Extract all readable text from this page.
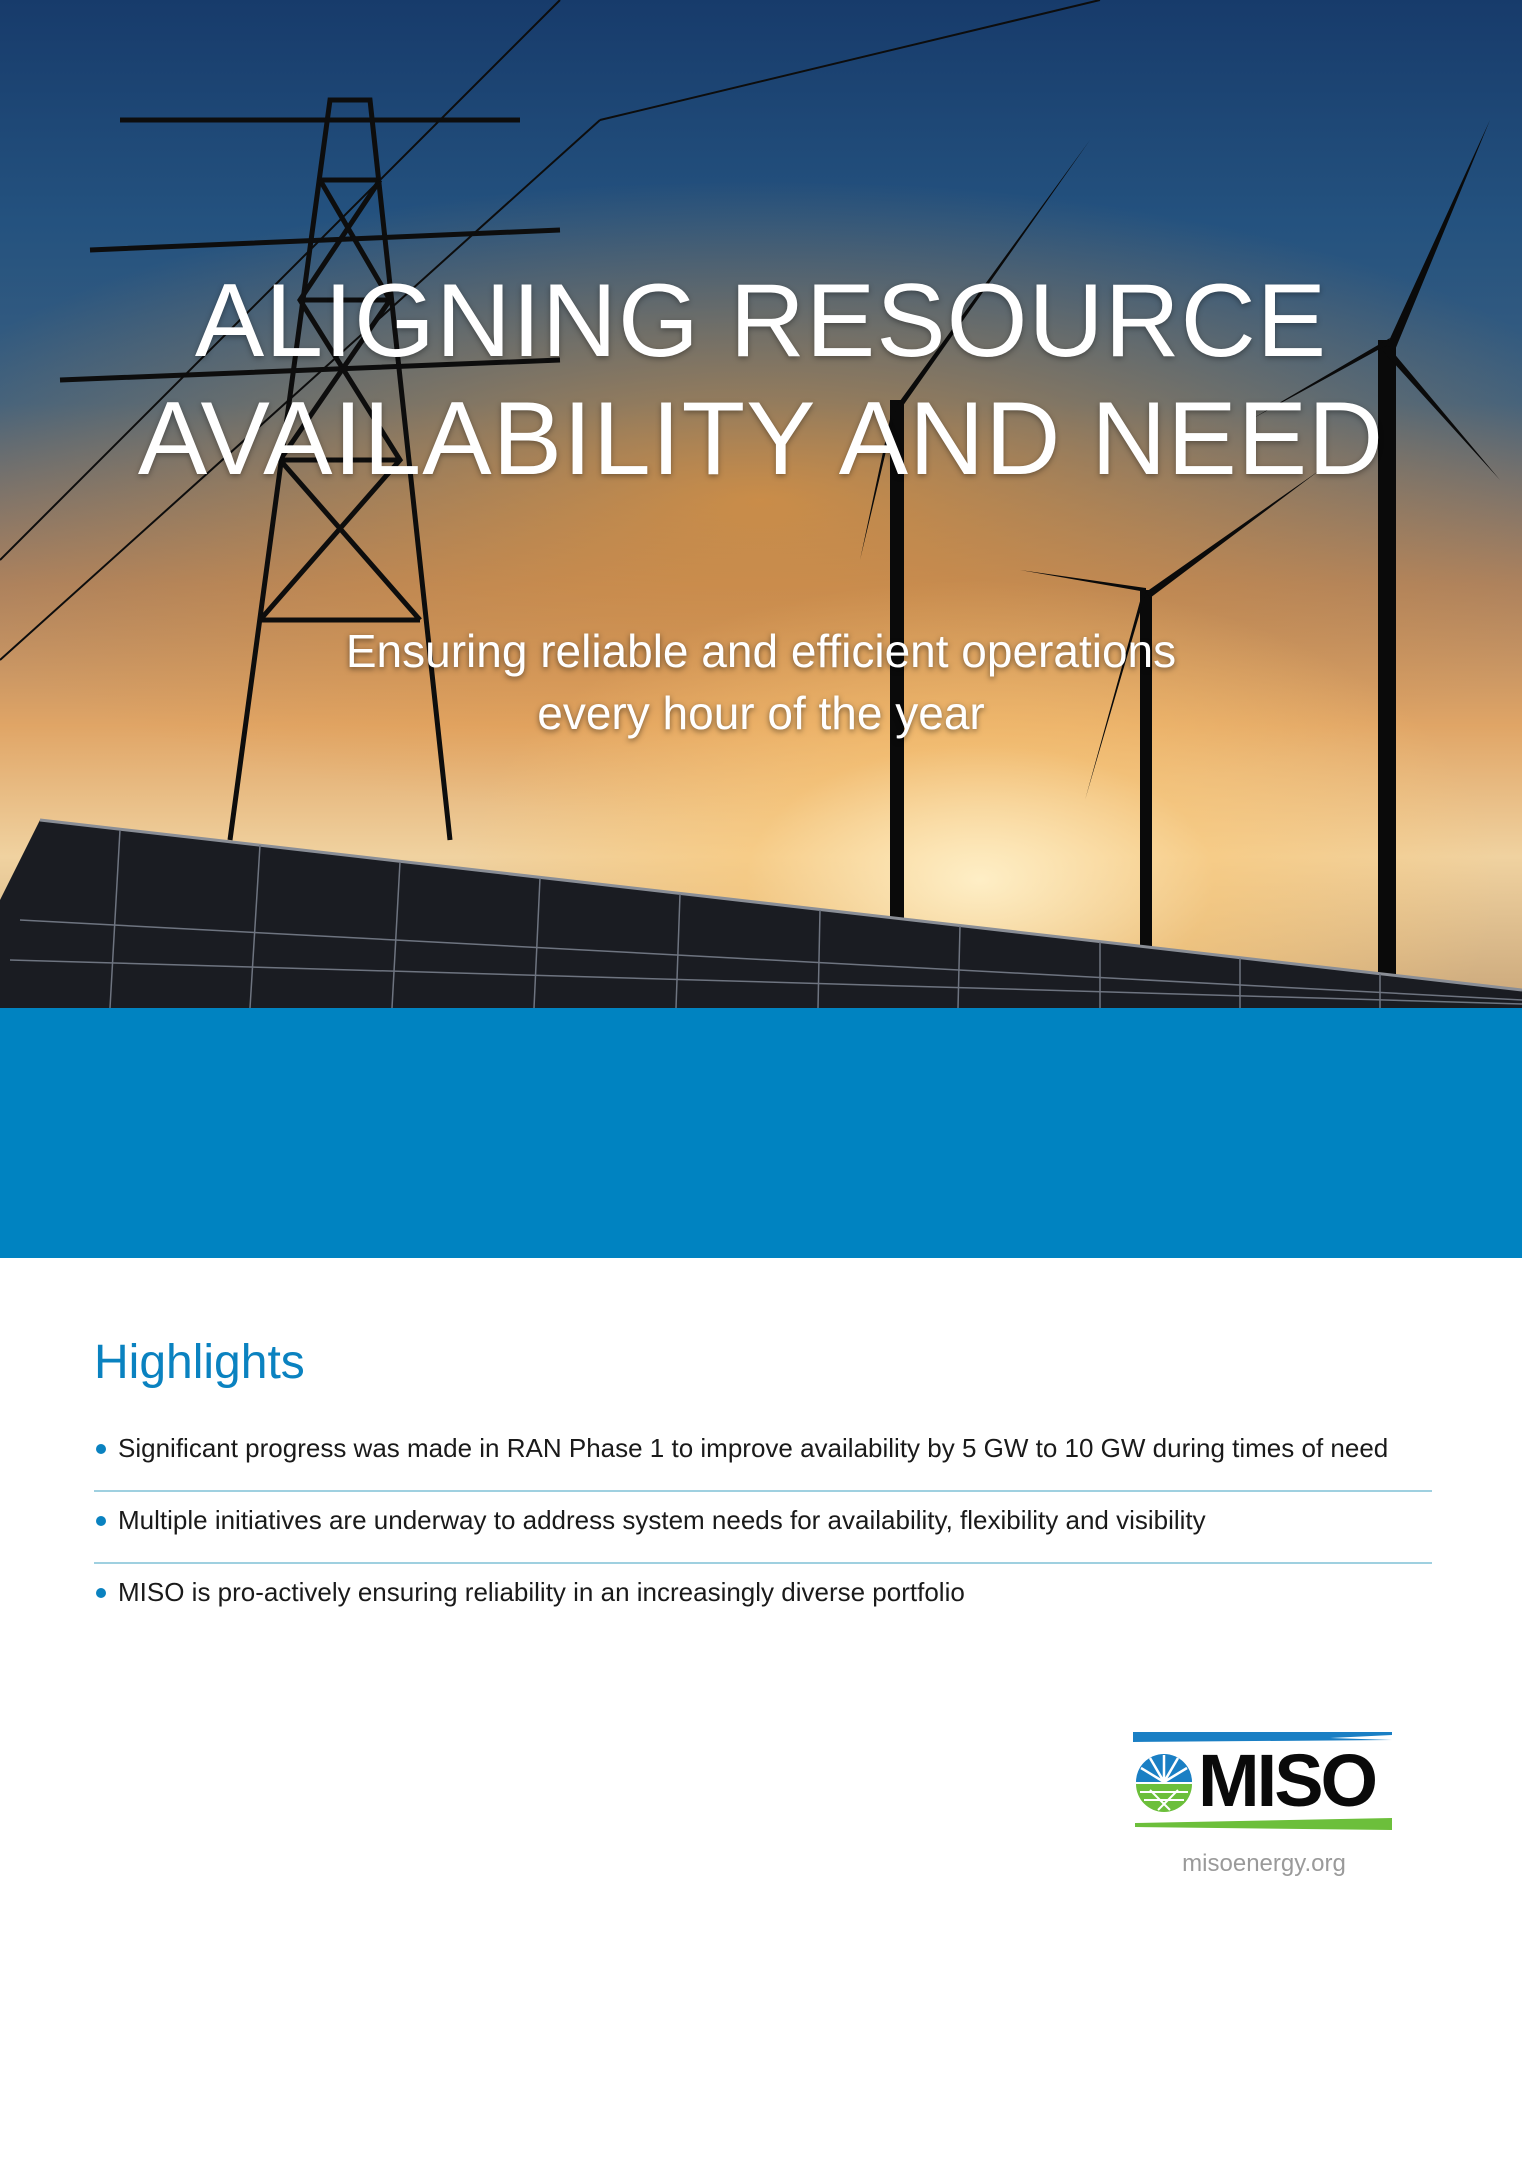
ALIGNING RESOURCE
AVAILABILITY AND NEED
Ensuring reliable and efficient operations
every hour of the year
DECEMBER 2019
Highlights
Significant progress was made in RAN Phase 1 to improve availability by 5 GW to 10 GW during times of need
Multiple initiatives are underway to address system needs for availability, flexibility and visibility
MISO is pro-actively ensuring reliability in an increasingly diverse portfolio
MISO
misoenergy.org
